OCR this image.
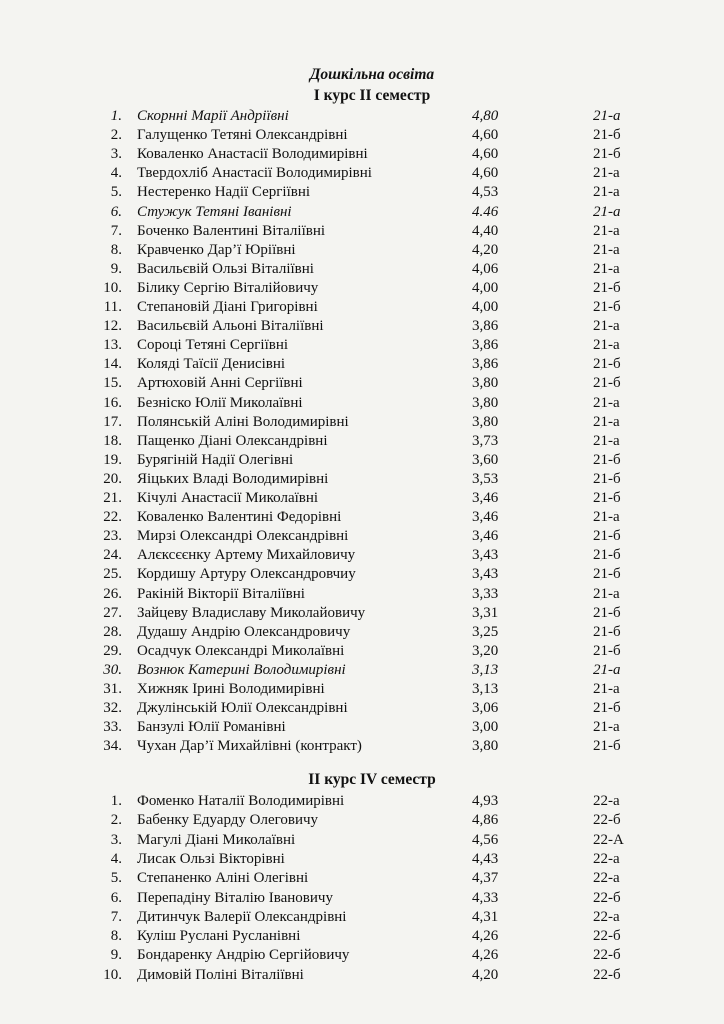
Дошкільна освіта
I курс II семестр
1. Скорнні Марії Андріївні	4,80	21-а
2. Галущенко Тетяні Олександрівні	4,60	21-б
3. Коваленко Анастасії Володимирівні	4,60	21-б
4. Твердохліб Анастасії Володимирівні	4,60	21-а
5. Нестеренко Надії Сергіївні	4,53	21-а
6. Стужук Тетяні Іванівні	4.46	21-а
7. Боченко Валентині Віталіївні	4,40	21-а
8. Кравченко Дар’ї Юріївні	4,20	21-а
9. Васильєвій Ользі Віталіївні	4,06	21-а
10. Білику Сергію Віталійовичу	4,00	21-б
11. Степановій Діані Григорівні	4,00	21-б
12. Васильєвій Альоні Віталіївні	3,86	21-а
13. Сороці Тетяні Сергіївні	3,86	21-а
14. Коляді Таїсії Денисівні	3,86	21-б
15. Артюховій Анні Сергіївні	3,80	21-б
16. Безніско Юлії Миколаївні	3,80	21-а
17. Полянській Аліні Володимирівні	3,80	21-а
18. Пащенко Діані Олександрівні	3,73	21-а
19. Бурягіній Надії Олегівні	3,60	21-б
20. Яіцьких Владі Володимирівні	3,53	21-б
21. Кічулі Анастасії Миколаївні	3,46	21-б
22. Коваленко Валентині Федорівні	3,46	21-а
23. Мирзі Олександрі Олександрівні	3,46	21-б
24. Алєксєєнку Артему Михайловичу	3,43	21-б
25. Кордишу Артуру Олександровчиу	3,43	21-б
26. Ракіній Вікторії Віталіївні	3,33	21-а
27. Зайцеву Владиславу Миколайовичу	3,31	21-б
28. Дудашу Андрію Олександровичу	3,25	21-б
29. Осадчук Олександрі Миколаївні	3,20	21-б
30. Вознюк Катерині Володимирівні	3,13	21-а
31. Хижняк Ірині Володимирівні	3,13	21-а
32. Джулінській Юлії Олександрівні	3,06	21-б
33. Банзулі Юлії Романівні	3,00	21-а
34. Чухан Дар’ї Михайлівні (контракт)	3,80	21-б
II курс IV семестр
1. Фоменко Наталії Володимирівні	4,93	22-а
2. Бабенку Едуарду Олеговичу	4,86	22-б
3. Магулі Діані Миколаївні	4,56	22-А
4. Лисак Ользі Вікторівні	4,43	22-а
5. Степаненко Аліні Олегівні	4,37	22-а
6. Перепадіну Віталію Івановичу	4,33	22-б
7. Дитинчук Валерії Олександрівні	4,31	22-а
8. Куліш Руслані Русланівні	4,26	22-б
9. Бондаренку Андрію Сергійовичу	4,26	22-б
10. Димовій Поліні Віталіївні	4,20	22-б
